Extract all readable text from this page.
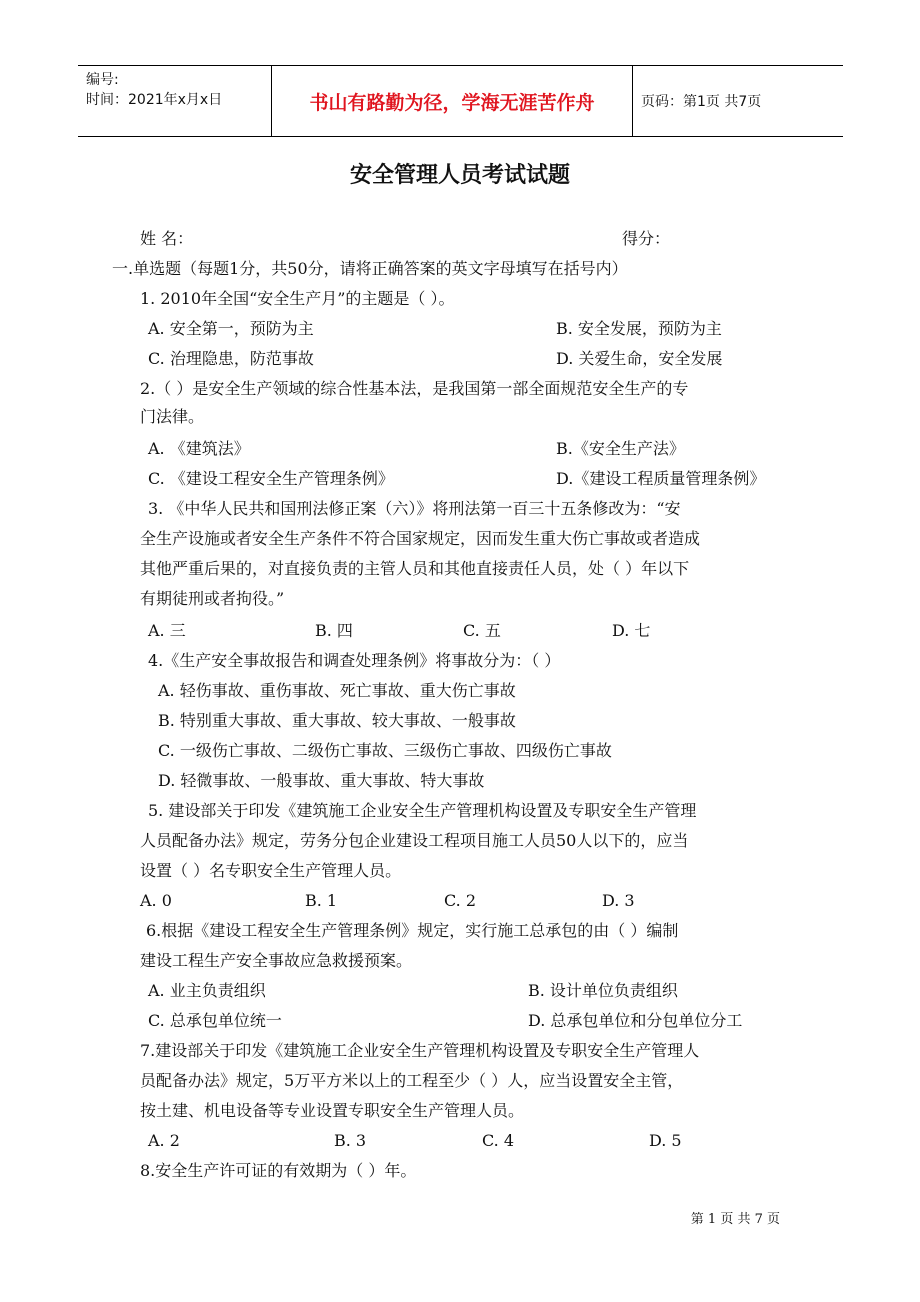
编号:
时间：2021年x月x日	书山有路勤为径，学海无涯苦作舟	页码：第1页 共7页
安全管理人员考试试题
姓 名：	得分：
一.单选题（每题1分，共50分，请将正确答案的英文字母填写在括号内）
1. 2010年全国“安全生产月”的主题是（ ）。
A. 安全第一，预防为主	B. 安全发展，预防为主
C. 治理隐患，防范事故	D. 关爱生命，安全发展
2.（ ）是安全生产领域的综合性基本法，是我国第一部全面规范安全生产的专
门法律。
A. 《建筑法》	B.《安全生产法》
C. 《建设工程安全生产管理条例》	D.《建设工程质量管理条例》
3. 《中华人民共和国刑法修正案（六）》将刑法第一百三十五条修改为：“安
全生产设施或者安全生产条件不符合国家规定，因而发生重大伤亡事故或者造成
其他严重后果的，对直接负责的主管人员和其他直接责任人员，处（ ）年以下
有期徒刑或者拘役。”
A. 三	B. 四	C. 五	D. 七
4.《生产安全事故报告和调查处理条例》将事故分为：（ ）
A. 轻伤事故、重伤事故、死亡事故、重大伤亡事故
B. 特别重大事故、重大事故、较大事故、一般事故
C. 一级伤亡事故、二级伤亡事故、三级伤亡事故、四级伤亡事故
D. 轻微事故、一般事故、重大事故、特大事故
5. 建设部关于印发《建筑施工企业安全生产管理机构设置及专职安全生产管理
人员配备办法》规定，劳务分包企业建设工程项目施工人员50人以下的，应当
设置（ ）名专职安全生产管理人员。
A. 0	B. 1	C. 2	D. 3
6.根据《建设工程安全生产管理条例》规定，实行施工总承包的由（ ）编制
建设工程生产安全事故应急救援预案。
A. 业主负责组织	B. 设计单位负责组织
C. 总承包单位统一	D. 总承包单位和分包单位分工
7.建设部关于印发《建筑施工企业安全生产管理机构设置及专职安全生产管理人
员配备办法》规定，5万平方米以上的工程至少（ ）人，应当设置安全主管，
按土建、机电设备等专业设置专职安全生产管理人员。
A. 2	B. 3	C. 4	D. 5
8.安全生产许可证的有效期为（ ）年。
第 1 页 共 7 页
